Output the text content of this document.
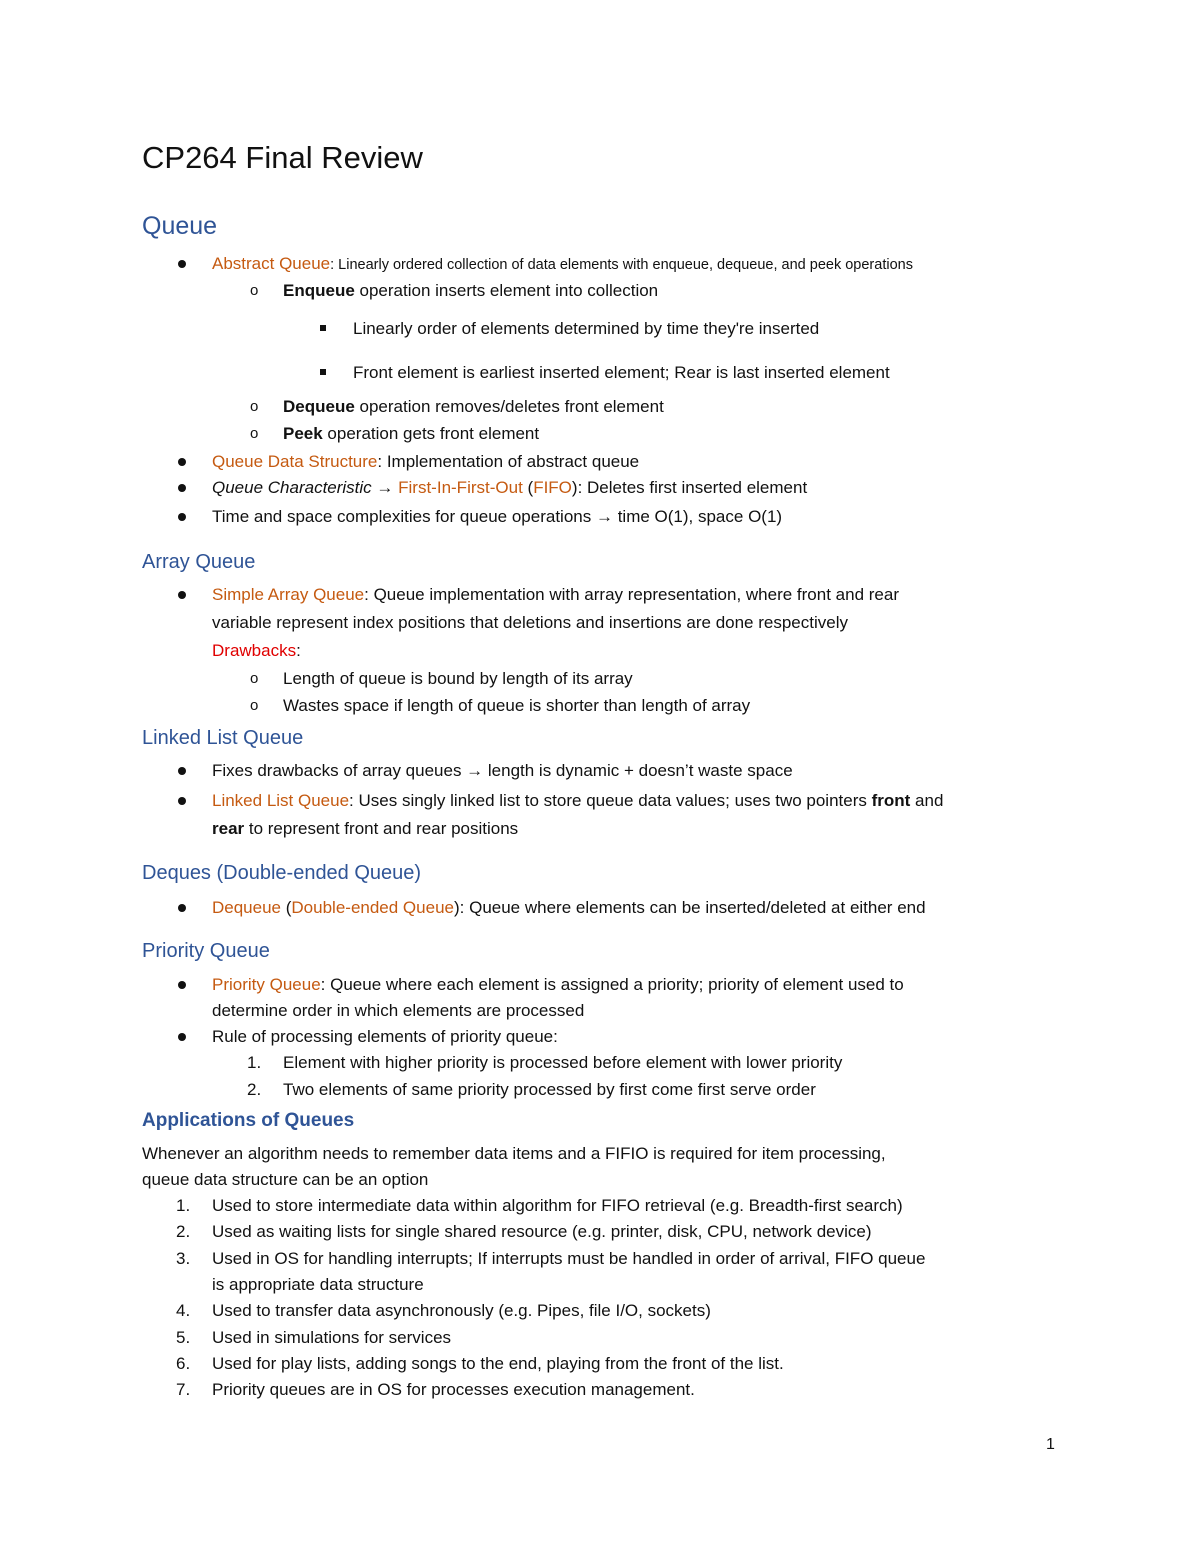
CP264 Final Review
Queue
Abstract Queue: Linearly ordered collection of data elements with enqueue, dequeue, and peek operations
o Enqueue operation inserts element into collection
Linearly order of elements determined by time they're inserted
Front element is earliest inserted element; Rear is last inserted element
o Dequeue operation removes/deletes front element
o Peek operation gets front element
Queue Data Structure: Implementation of abstract queue
Queue Characteristic → First-In-First-Out (FIFO): Deletes first inserted element
Time and space complexities for queue operations → time O(1), space O(1)
Array Queue
Simple Array Queue: Queue implementation with array representation, where front and rear
variable represent index positions that deletions and insertions are done respectively
Drawbacks:
o Length of queue is bound by length of its array
o Wastes space if length of queue is shorter than length of array
Linked List Queue
Fixes drawbacks of array queues → length is dynamic + doesn’t waste space
Linked List Queue: Uses singly linked list to store queue data values; uses two pointers front and
rear to represent front and rear positions
Deques (Double-ended Queue)
Dequeue (Double-ended Queue): Queue where elements can be inserted/deleted at either end
Priority Queue
Priority Queue: Queue where each element is assigned a priority; priority of element used to
determine order in which elements are processed
Rule of processing elements of priority queue:
1. Element with higher priority is processed before element with lower priority
2. Two elements of same priority processed by first come first serve order
Applications of Queues
Whenever an algorithm needs to remember data items and a FIFIO is required for item processing,
queue data structure can be an option
1. Used to store intermediate data within algorithm for FIFO retrieval (e.g. Breadth-first search)
2. Used as waiting lists for single shared resource (e.g. printer, disk, CPU, network device)
3. Used in OS for handling interrupts; If interrupts must be handled in order of arrival, FIFO queue
is appropriate data structure
4. Used to transfer data asynchronously (e.g. Pipes, file I/O, sockets)
5. Used in simulations for services
6. Used for play lists, adding songs to the end, playing from the front of the list.
7. Priority queues are in OS for processes execution management.
1
